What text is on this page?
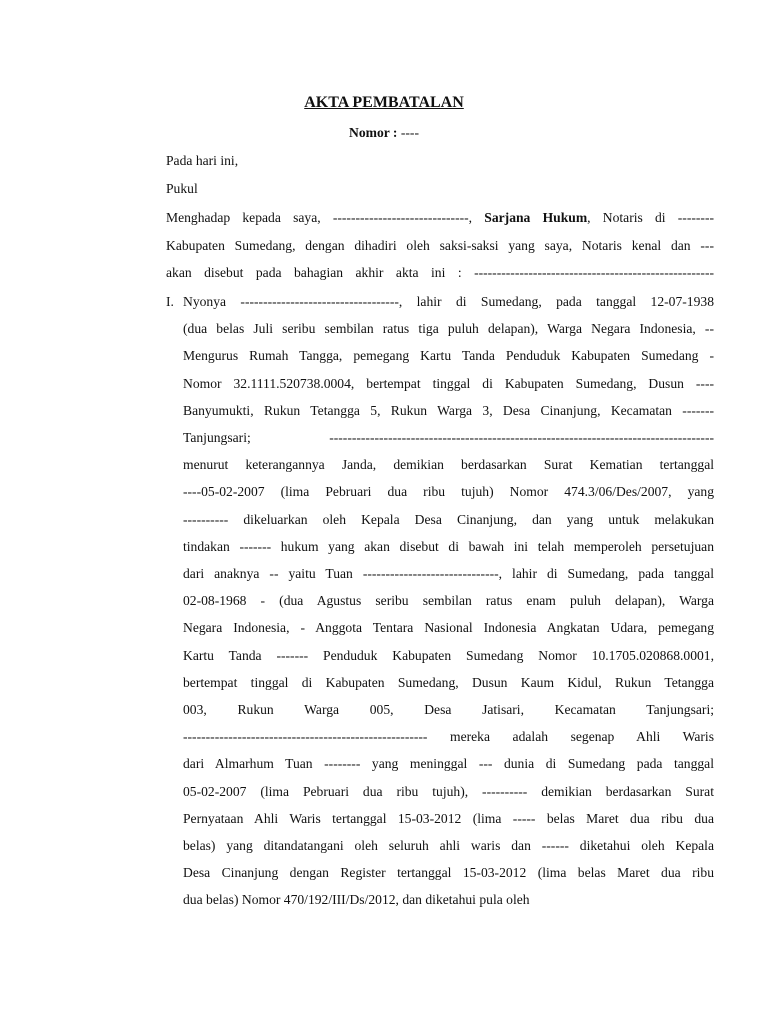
AKTA PEMBATALAN
Nomor : ----
Pada hari ini,
Pukul
Menghadap kepada saya, ------------------------------, Sarjana Hukum, Notaris di --------
Kabupaten Sumedang, dengan dihadiri oleh saksi-saksi yang saya, Notaris kenal dan ---
akan disebut pada bahagian akhir akta ini : -----------------------------------------------------
I. Nyonya -----------------------------------, lahir di Sumedang, pada tanggal 12-07-1938
(dua belas Juli seribu sembilan ratus tiga puluh delapan), Warga Negara Indonesia, --
Mengurus Rumah Tangga, pemegang Kartu Tanda Penduduk Kabupaten Sumedang -
Nomor 32.1111.520738.0004, bertempat tinggal di Kabupaten Sumedang, Dusun ----
Banyumukti, Rukun Tetangga 5, Rukun Warga 3, Desa Cinanjung, Kecamatan -------
Tanjungsari; -------------------------------------------------------------------------------------
menurut keterangannya Janda, demikian berdasarkan Surat Kematian tertanggal
----05-02-2007 (lima Pebruari dua ribu tujuh) Nomor 474.3/06/Des/2007, yang
---------- dikeluarkan oleh Kepala Desa Cinanjung, dan yang untuk melakukan
tindakan ------- hukum yang akan disebut di bawah ini telah memperoleh persetujuan
dari anaknya -- yaitu Tuan ------------------------------, lahir di Sumedang, pada tanggal
02-08-1968 - (dua Agustus seribu sembilan ratus enam puluh delapan), Warga
Negara Indonesia, - Anggota Tentara Nasional Indonesia Angkatan Udara, pemegang
Kartu Tanda ------- Penduduk Kabupaten Sumedang Nomor 10.1705.020868.0001,
bertempat tinggal di Kabupaten Sumedang, Dusun Kaum Kidul, Rukun Tetangga
003, Rukun Warga 005, Desa Jatisari, Kecamatan Tanjungsari;
------------------------------------------------------ mereka adalah segenap Ahli Waris
dari Almarhum Tuan -------- yang meninggal --- dunia di Sumedang pada tanggal
05-02-2007 (lima Pebruari dua ribu tujuh), ---------- demikian berdasarkan Surat
Pernyataan Ahli Waris tertanggal 15-03-2012 (lima ----- belas Maret dua ribu dua
belas) yang ditandatangani oleh seluruh ahli waris dan ------ diketahui oleh Kepala
Desa Cinanjung dengan Register tertanggal 15-03-2012 (lima belas Maret dua ribu
dua belas) Nomor 470/192/III/Ds/2012, dan diketahui pula oleh
